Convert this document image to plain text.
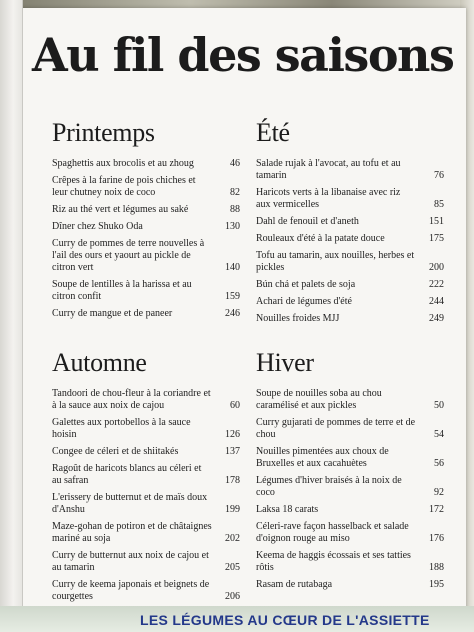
Au fil des saisons
Printemps
Spaghettis aux brocolis et au zhoug	46
Crêpes à la farine de pois chiches et leur chutney noix de coco	82
Riz au thé vert et légumes au saké	88
Dîner chez Shuko Oda	130
Curry de pommes de terre nouvelles à l'ail des ours et yaourt au pickle de citron vert	140
Soupe de lentilles à la harissa et au citron confit	159
Curry de mangue et de paneer	246
Été
Salade rujak à l'avocat, au tofu et au tamarin	76
Haricots verts à la libanaise avec riz aux vermicelles	85
Dahl de fenouil et d'aneth	151
Rouleaux d'été à la patate douce	175
Tofu au tamarin, aux nouilles, herbes et pickles	200
Bún chả et palets de soja	222
Achari de légumes d'été	244
Nouilles froides MJJ	249
Automne
Tandoori de chou-fleur à la coriandre et à la sauce aux noix de cajou	60
Galettes aux portobellos à la sauce hoisin	126
Congee de céleri et de shiitakés	137
Ragoût de haricots blancs au céleri et au safran	178
L'erissery de butternut et de maïs doux d'Anshu	199
Maze-gohan de potiron et de châtaignes mariné au soja	202
Curry de butternut aux noix de cajou et au tamarin	205
Curry de keema japonais et beignets de courgettes	206
Hiver
Soupe de nouilles soba au chou caramélisé et aux pickles	50
Curry gujarati de pommes de terre et de chou	54
Nouilles pimentées aux choux de Bruxelles et aux cacahuètes	56
Légumes d'hiver braisés à la noix de coco	92
Laksa 18 carats	172
Céleri-rave façon hasselback et salade d'oignon rouge au miso	176
Keema de haggis écossais et ses tatties rôtis	188
Rasam de rutabaga	195
LES LÉGUMES AU CŒUR DE L'ASSIETTE
